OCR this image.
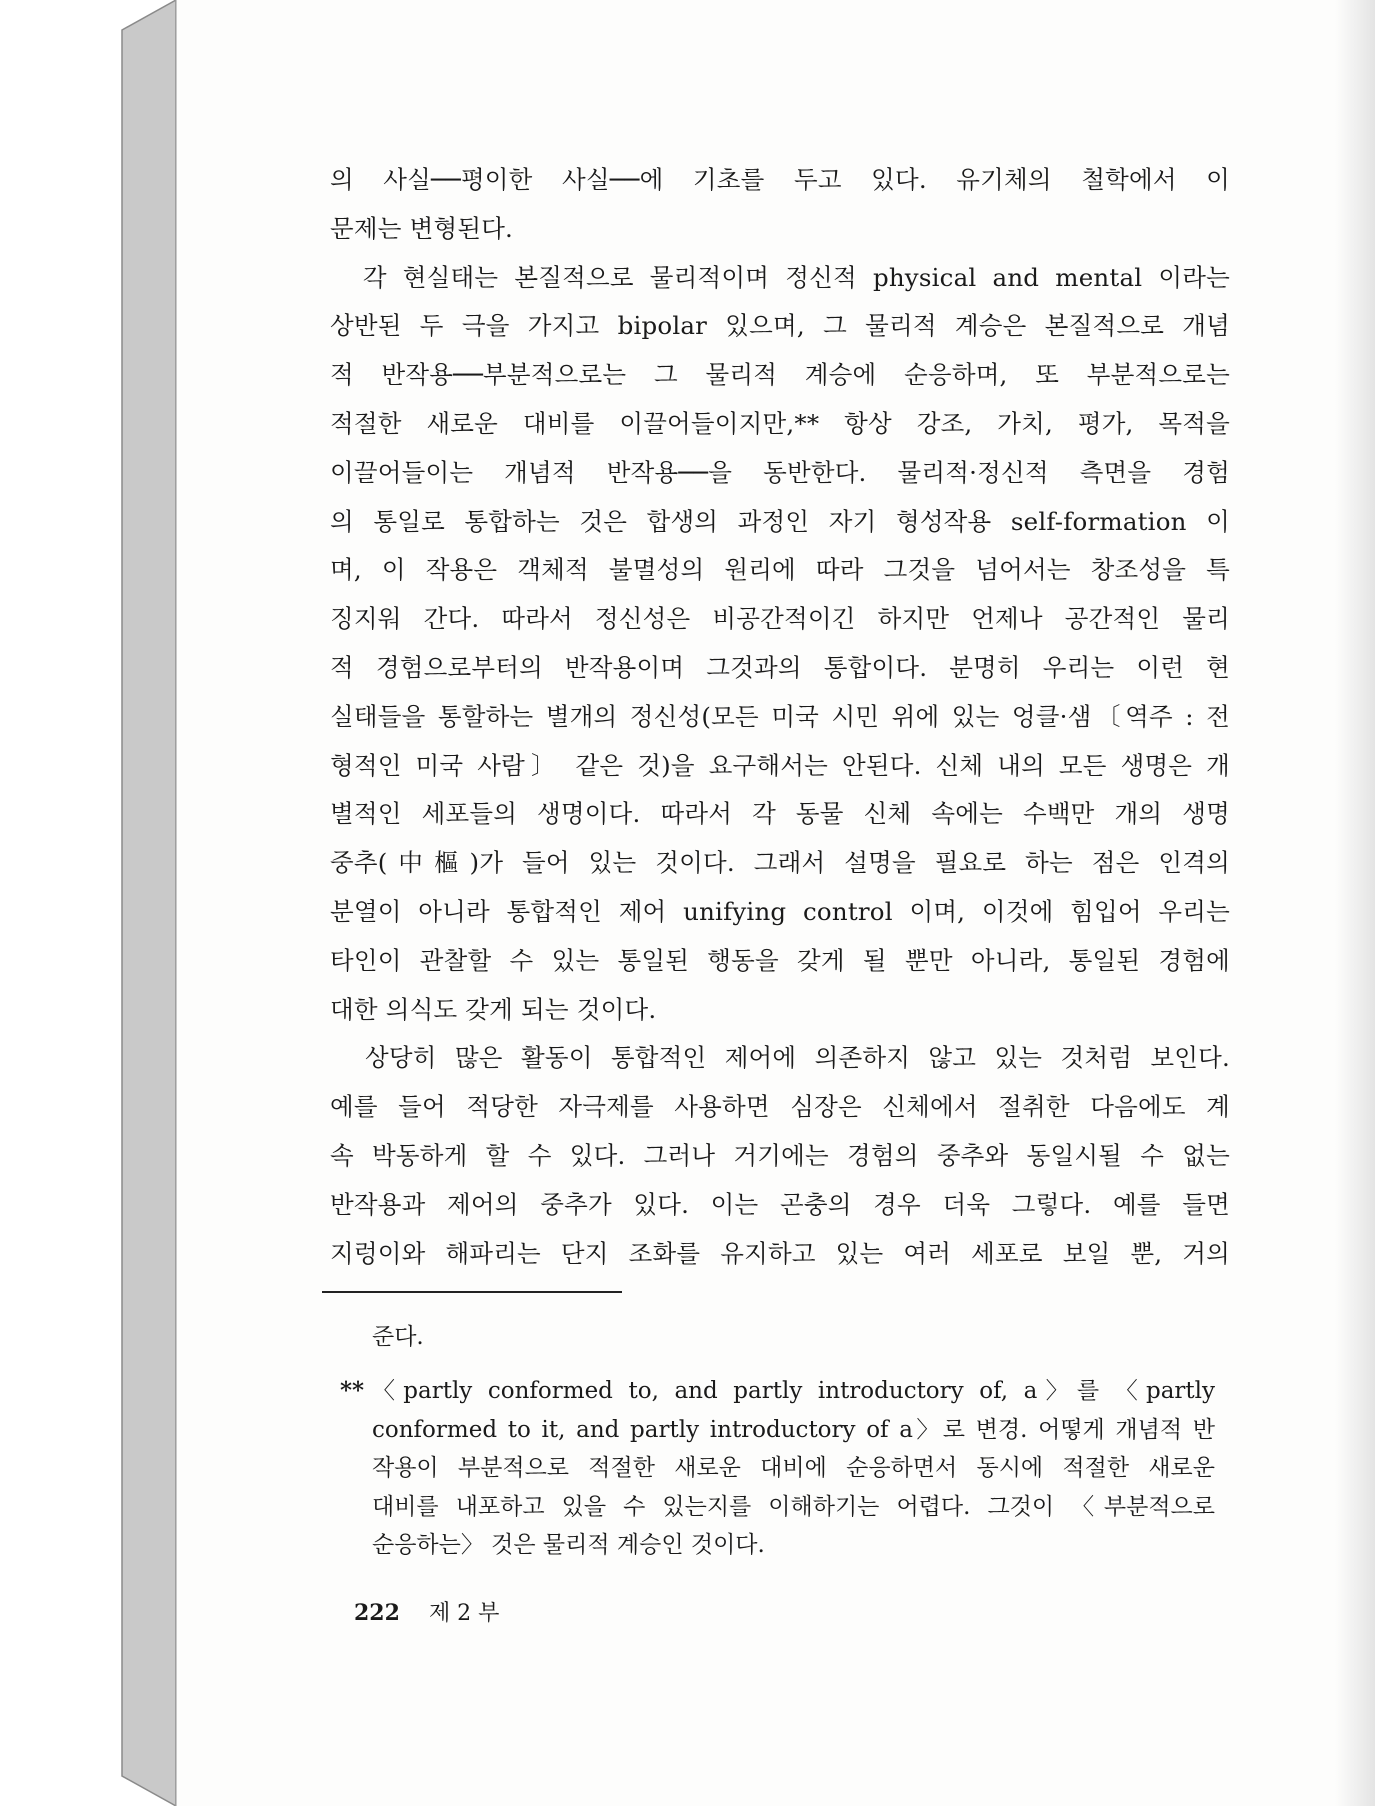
의 사실──평이한 사실──에 기초를 두고 있다. 유기체의 철학에서 이
문제는 변형된다.
　각 현실태는 본질적으로 물리적이며 정신적 physical and mental 이라는
상반된 두 극을 가지고 bipolar 있으며, 그 물리적 계승은 본질적으로 개념
적 반작용──부분적으로는 그 물리적 계승에 순응하며, 또 부분적으로는
적절한 새로운 대비를 이끌어들이지만,** 항상 강조, 가치, 평가, 목적을
이끌어들이는 개념적 반작용──을 동반한다. 물리적·정신적 측면을 경험
의 통일로 통합하는 것은 합생의 과정인 자기 형성작용 self-formation 이
며, 이 작용은 객체적 불멸성의 원리에 따라 그것을 넘어서는 창조성을 특
징지워 간다. 따라서 정신성은 비공간적이긴 하지만 언제나 공간적인 물리
적 경험으로부터의 반작용이며 그것과의 통합이다. 분명히 우리는 이런 현
실태들을 통할하는 별개의 정신성(모든 미국 시민 위에 있는 엉클·샘〔역주 : 전
형적인 미국 사람〕 같은 것)을 요구해서는 안된다. 신체 내의 모든 생명은 개
별적인 세포들의 생명이다. 따라서 각 동물 신체 속에는 수백만 개의 생명
중추(中樞)가 들어 있는 것이다. 그래서 설명을 필요로 하는 점은 인격의
분열이 아니라 통합적인 제어 unifying control 이며, 이것에 힘입어 우리는
타인이 관찰할 수 있는 통일된 행동을 갖게 될 뿐만 아니라, 통일된 경험에
대한 의식도 갖게 되는 것이다.
　상당히 많은 활동이 통합적인 제어에 의존하지 않고 있는 것처럼 보인다.
예를 들어 적당한 자극제를 사용하면 심장은 신체에서 절취한 다음에도 계
속 박동하게 할 수 있다. 그러나 거기에는 경험의 중추와 동일시될 수 없는
반작용과 제어의 중추가 있다. 이는 곤충의 경우 더욱 그렇다. 예를 들면
지렁이와 해파리는 단지 조화를 유지하고 있는 여러 세포로 보일 뿐, 거의
준다.
** 〈partly conformed to, and partly introductory of, a〉를 〈partly
conformed to it, and partly introductory of a〉로 변경. 어떻게 개념적 반
작용이 부분적으로 적절한 새로운 대비에 순응하면서 동시에 적절한 새로운
대비를 내포하고 있을 수 있는지를 이해하기는 어렵다. 그것이 〈부분적으로
순응하는〉 것은 물리적 계승인 것이다.
222 제 2 부
